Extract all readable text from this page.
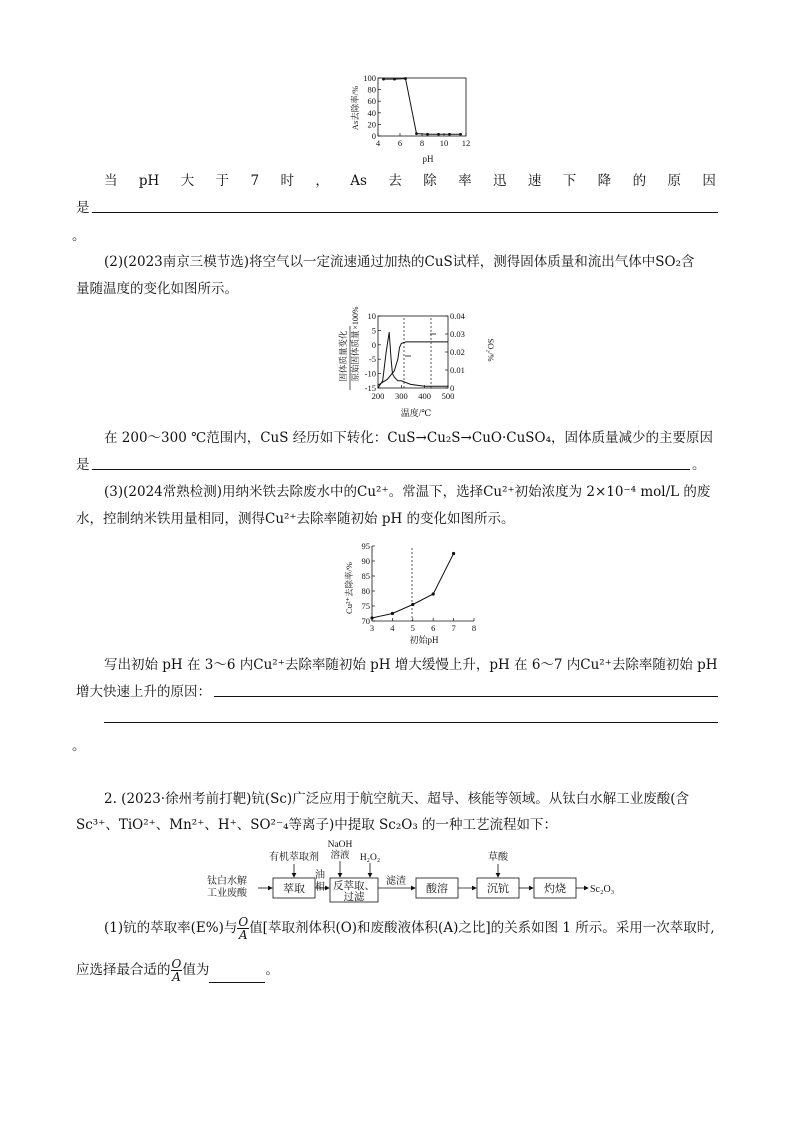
4 6 8 10 12
0
20
40
60
80
100
pH
As去除率/%
当 pH 大 于 7 时 ， As 去 除 率 迅 速 下 降 的 原 因
是
。
(2)(2023南京三模节选)将空气以一定流速通过加热的CuS试样，测得固体质量和流出气体中SO₂含
量随温度的变化如图所示。
200 300 400 500
10
5
0
-5
-10
-15
0.04
0.03
0.02
0.01
0
固体质量变化 原始固体质量
×100%
SO₂/%
温度/℃
在 200～300 ℃范围内，CuS 经历如下转化：CuS→Cu₂S→CuO·CuSO₄，固体质量减少的主要原因
是	。
(3)(2024常熟检测)用纳米铁去除废水中的Cu²⁺。常温下，选择Cu²⁺初始浓度为 2×10⁻⁴ mol/L 的废
水，控制纳米铁用量相同，测得Cu²⁺去除率随初始 pH 的变化如图所示。
3 4 5 6 7 8
70
75
80
85
90
95
Cu²⁺去除率/%
初始pH
写出初始 pH 在 3～6 内Cu²⁺去除率随初始 pH 增大缓慢上升，pH 在 6～7 内Cu²⁺去除率随初始 pH
增大快速上升的原因：
。
2. (2023·徐州考前打靶)钪(Sc)广泛应用于航空航天、超导、核能等领域。从钛白水解工业废酸(含
Sc³⁺、TiO²⁺、Mn²⁺、H⁺、SO²⁻₄等离子)中提取 Sc₂O₃ 的一种工艺流程如下：
钛白水解
工业废酸	萃取
有机萃取剂
油
相 反萃取、
过滤
NaOH
溶液 H₂O₂
滤渣
酸溶	沉钪
草酸
灼烧 Sc₂O₃
(1)钪的萃取率(E%)与 $\frac{O}{A}$ 值[萃取剂体积(O)和废酸液体积(A)之比]的关系如图 1 所示。采用一次萃取时,
应选择最合适的 $\frac{O}{A}$ 值为	。
